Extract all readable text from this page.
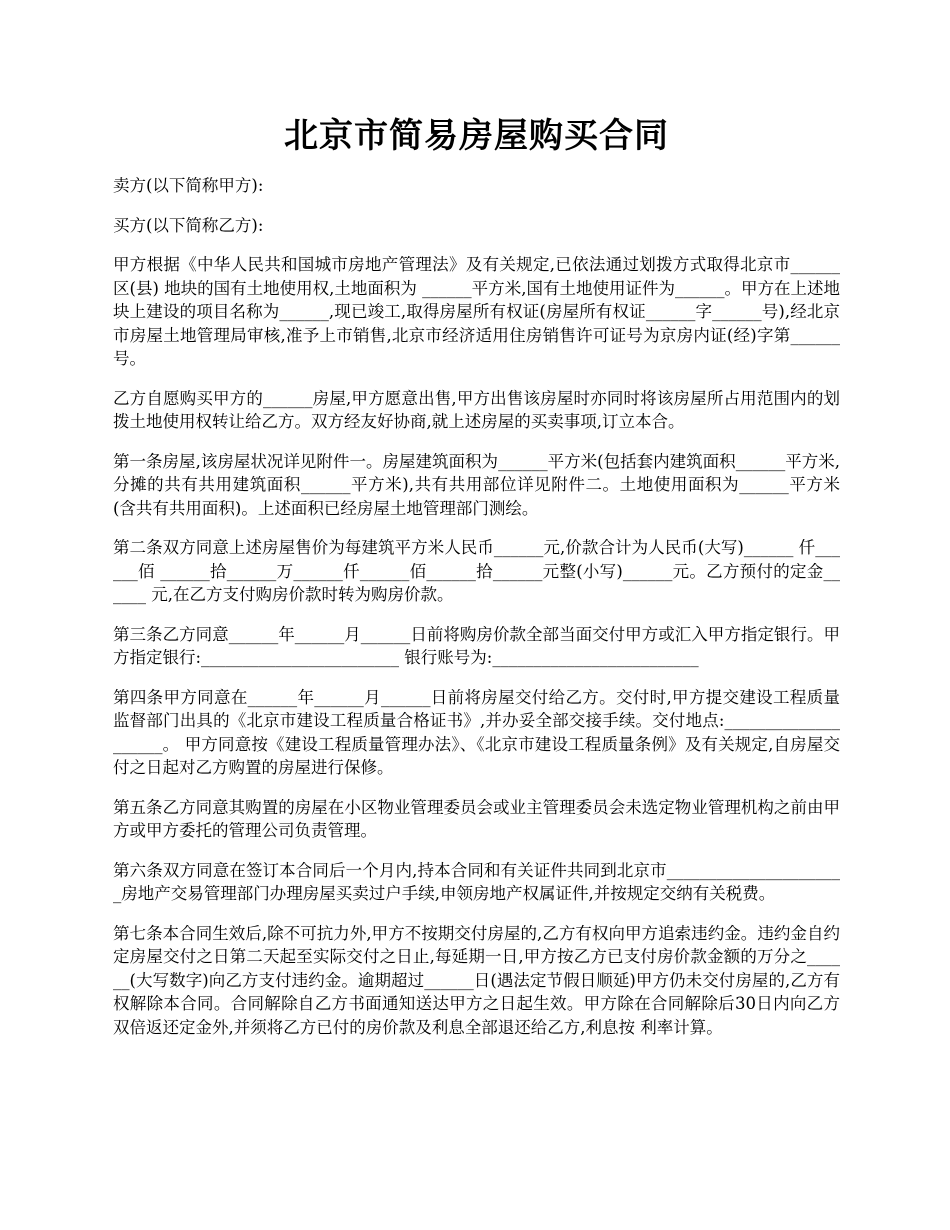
北京市简易房屋购买合同

卖方(以下简称甲方):

买方(以下简称乙方):

甲方根据《中华人民共和国城市房地产管理法》及有关规定,已依法通过划拨方式取得北京市______ 区(县) 地块的国有土地使用权,土地面积为 ______平方米,国有土地使用证件为______。甲方在上述地块上建设的项目名称为______,现已竣工,取得房屋所有权证(房屋所有权证______字______号),经北京市房屋土地管理局审核,准予上市销售,北京市经济适用住房销售许可证号为京房内证(经)字第______号。

乙方自愿购买甲方的______房屋,甲方愿意出售,甲方出售该房屋时亦同时将该房屋所占用范围内的划拨土地使用权转让给乙方。双方经友好协商,就上述房屋的买卖事项,订立本合。

第一条房屋,该房屋状况详见附件一。房屋建筑面积为______平方米(包括套内建筑面积______平方米,分摊的共有共用建筑面积______平方米),共有共用部位详见附件二。土地使用面积为______平方米(含共有共用面积)。上述面积已经房屋土地管理部门测绘。

第二条双方同意上述房屋售价为每建筑平方米人民币______元,价款合计为人民币(大写)______ 仟______佰 ______拾______万______仟______佰______拾______元整(小写)______元。乙方预付的定金______ 元,在乙方支付购房价款时转为购房价款。

第三条乙方同意______年______月______日前将购房价款全部当面交付甲方或汇入甲方指定银行。甲方指定银行:________________________ 银行账号为:_________________________

第四条甲方同意在______年______月______日前将房屋交付给乙方。交付时,甲方提交建设工程质量监督部门出具的《北京市建设工程质量合格证书》,并办妥全部交接手续。交付地点:____________________。 甲方同意按《建设工程质量管理办法》、《北京市建设工程质量条例》及有关规定,自房屋交付之日起对乙方购置的房屋进行保修。

第五条乙方同意其购置的房屋在小区物业管理委员会或业主管理委员会未选定物业管理机构之前由甲方或甲方委托的管理公司负责管理。

第六条双方同意在签订本合同后一个月内,持本合同和有关证件共同到北京市______________________房地产交易管理部门办理房屋买卖过户手续,申领房地产权属证件,并按规定交纳有关税费。

第七条本合同生效后,除不可抗力外,甲方不按期交付房屋的,乙方有权向甲方追索违约金。违约金自约定房屋交付之日第二天起至实际交付之日止,每延期一日,甲方按乙方已支付房价款金额的万分之______(大写数字)向乙方支付违约金。逾期超过______日(遇法定节假日顺延)甲方仍未交付房屋的,乙方有权解除本合同。合同解除自乙方书面通知送达甲方之日起生效。甲方除在合同解除后30日内向乙方双倍返还定金外,并须将乙方已付的房价款及利息全部退还给乙方,利息按 利率计算。
